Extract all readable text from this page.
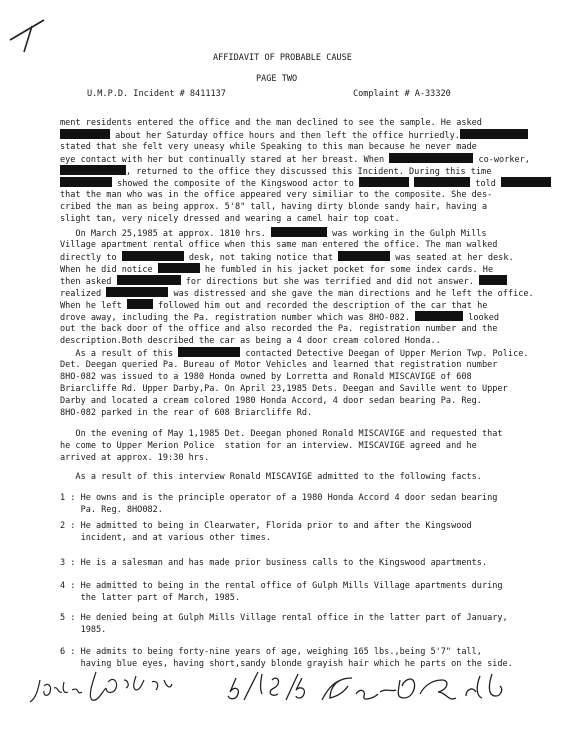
AFFIDAVIT OF PROBABLE CAUSE
PAGE TWO
U.M.P.D. Incident # 8411137	Complaint # A-33320
ment residents entered the office and the man declined to see the sample. He asked
about her Saturday office hours and then left the office hurriedly.
stated that she felt very uneasy while Speaking to this man because he never made
eye contact with her but continually stared at her breast. When	co-worker,
, returned to the office they discussed this Incident. During this time
showed the composite of the Kingswood actor to	told
that the man who was in the office appeared very similiar to the composite. She des-
cribed the man as being approx. 5'8" tall, having dirty blonde sandy hair, having a
slight tan, very nicely dressed and wearing a camel hair top coat.
On March 25,1985 at approx. 1810 hrs.	was working in the Gulph Mills
Village apartment rental office when this same man entered the office. The man walked
directly to	desk, not taking notice that	was seated at her desk.
When he did notice	he fumbled in his jacket pocket for some index cards. He
then asked	for directions but she was terrified and did not answer.
realized	was distressed and she gave the man directions and he left the office.
When he left	followed him out and recorded the description of the car that he
drove away, including the Pa. registration number which was 8HO-082.	looked
out the back door of the office and also recorded the Pa. registration number and the
description.Both described the car as being a 4 door cream colored Honda..
As a result of this	contacted Detective Deegan of Upper Merion Twp. Police.
Det. Deegan queried Pa. Bureau of Motor Vehicles and learned that registration number
8HO-082 was issued to a 1980 Honda owned by Lorretta and Ronald MISCAVIGE of 608
Briarcliffe Rd. Upper Darby,Pa. On April 23,1985 Dets. Deegan and Saville went to Upper
Darby and located a cream colored 1980 Honda Accord, 4 door sedan bearing Pa. Reg.
8HO-082 parked in the rear of 608 Briarcliffe Rd.
On the evening of May 1,1985 Det. Deegan phoned Ronald MISCAVIGE and requested that
he come to Upper Merion Police  station for an interview. MISCAVIGE agreed and he
arrived at approx. 19:30 hrs.
As a result of this interview Ronald MISCAVIGE admitted to the following facts.
1 : He owns and is the principle operator of a 1980 Honda Accord 4 door sedan bearing
Pa. Reg. 8HO082.
2 : He admitted to being in Clearwater, Florida prior to and after the Kingswood
incident, and at various other times.
3 : He is a salesman and has made prior business calls to the Kingswood apartments.
4 : He admitted to being in the rental office of Gulph Mills Village apartments during
the latter part of March, 1985.
5 : He denied being at Gulph Mills Village rental office in the latter part of January,
1985.
6 : He admits to being forty-nine years of age, weighing 165 lbs.,being 5'7" tall,
having blue eyes, having short,sandy blonde grayish hair which he parts on the side.
